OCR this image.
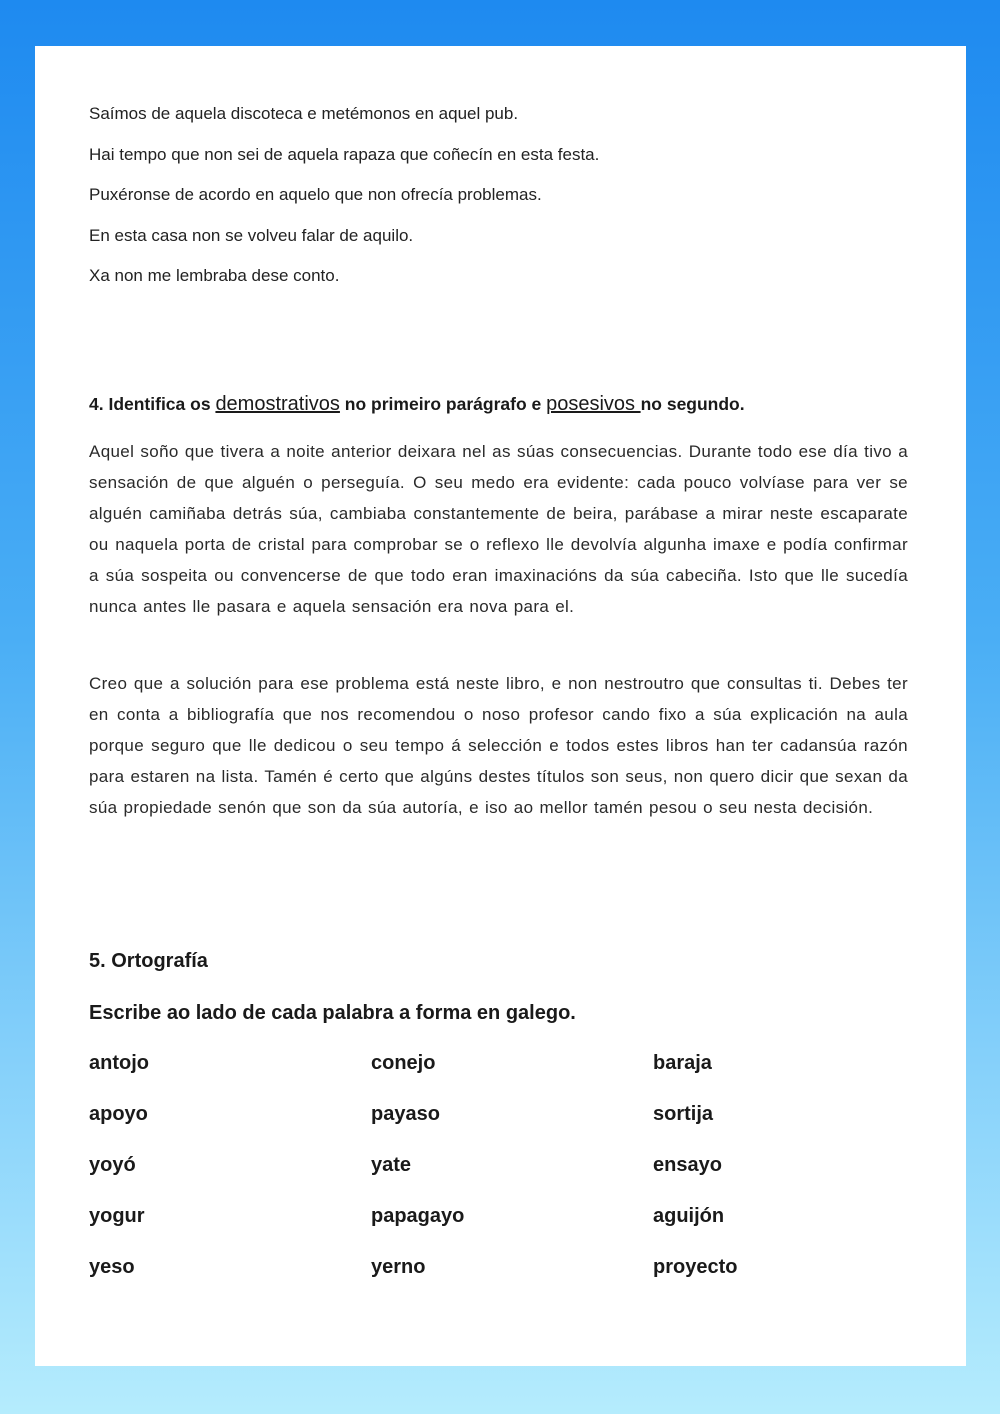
Saímos de aquela discoteca e metémonos en aquel pub.
Hai tempo que non sei de aquela rapaza que coñecín en esta festa.
Puxéronse de acordo en aquelo que non ofrecía problemas.
En esta casa non se volveu falar de aquilo.
Xa non me lembraba dese conto.
4. Identifica os demostrativos no primeiro parágrafo e posesivos no segundo.
Aquel soño que tivera a noite anterior deixara nel as súas consecuencias. Durante todo ese día tivo a sensación de que alguén o perseguía. O seu medo era evidente: cada pouco volvíase para ver se alguén camiñaba detrás súa, cambiaba constantemente de beira, parábase a mirar neste escaparate ou naquela porta de cristal para comprobar se o reflexo lle devolvía algunha imaxe e podía confirmar a súa sospeita ou convencerse de que todo eran imaxinacións da súa cabeciña. Isto que lle sucedía nunca antes lle pasara e aquela sensación era nova para el.
Creo que a solución para ese problema está neste libro, e non nestroutro que consultas ti. Debes ter en conta a bibliografía que nos recomendou o noso profesor cando fixo a súa explicación na aula porque seguro que lle dedicou o seu tempo á selección e todos estes libros han ter cadansúa razón para estaren na lista. Tamén é certo que algúns destes títulos son seus, non quero dicir que sexan da súa propiedade senón que son da súa autoría, e iso ao mellor tamén pesou o seu nesta decisión.
5. Ortografía
Escribe ao lado de cada palabra a forma en galego.
antojo	conejo	baraja
apoyo	payaso	sortija
yoyó	yate	ensayo
yogur	papagayo	aguijón
yeso	yerno	proyecto
